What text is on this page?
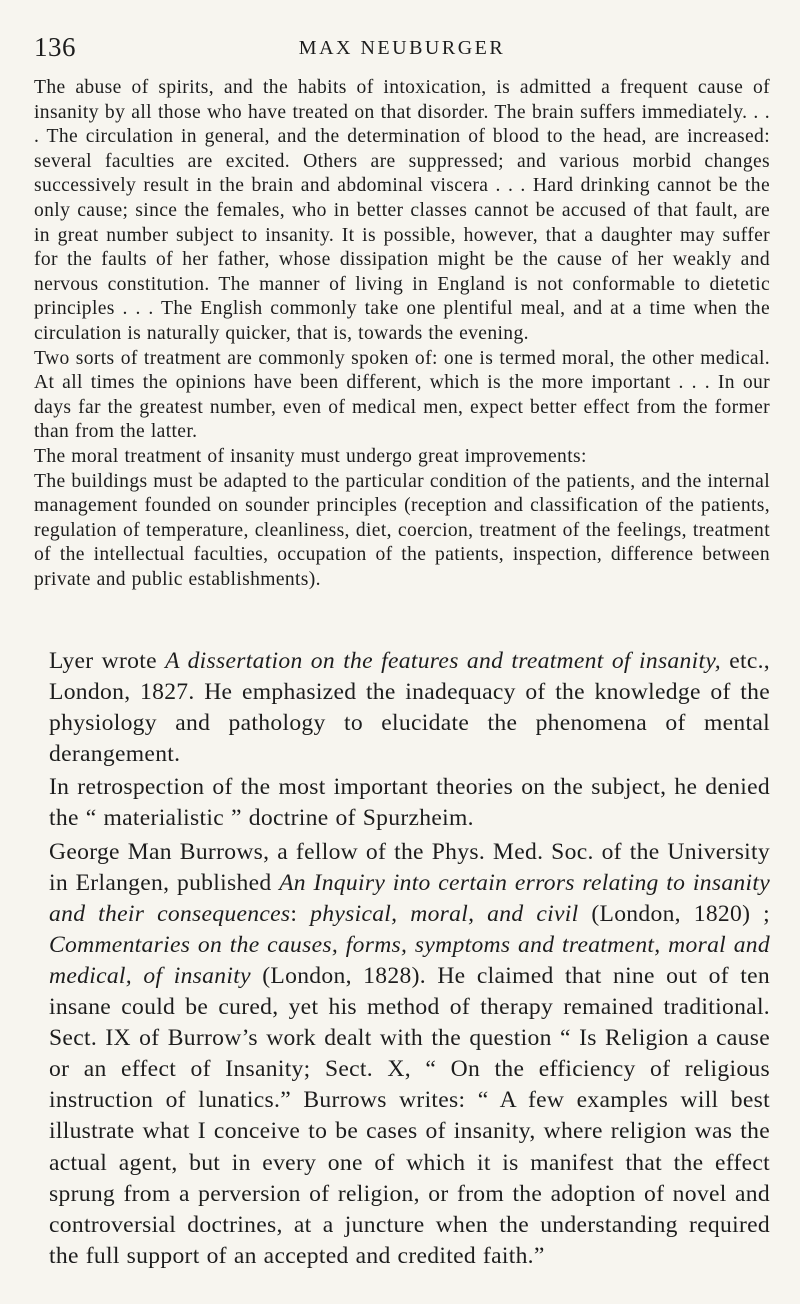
136	MAX NEUBURGER

The abuse of spirits, and the habits of intoxication, is admitted a frequent cause of insanity by all those who have treated on that disorder. The brain suffers immediately. . . . The circulation in general, and the determination of blood to the head, are increased: several faculties are excited. Others are suppressed; and various morbid changes successively result in the brain and abdominal viscera . . . Hard drinking cannot be the only cause; since the females, who in better classes cannot be accused of that fault, are in great number subject to insanity. It is possible, however, that a daughter may suffer for the faults of her father, whose dissipation might be the cause of her weakly and nervous constitution. The manner of living in England is not conformable to dietetic principles . . . The English commonly take one plentiful meal, and at a time when the circulation is naturally quicker, that is, towards the evening.

Two sorts of treatment are commonly spoken of: one is termed moral, the other medical. At all times the opinions have been different, which is the more important . . . In our days far the greatest number, even of medical men, expect better effect from the former than from the latter.

The moral treatment of insanity must undergo great improvements:

The buildings must be adapted to the particular condition of the patients, and the internal management founded on sounder principles (reception and classification of the patients, regulation of temperature, cleanliness, diet, coercion, treatment of the feelings, treatment of the intellectual faculties, occupation of the patients, inspection, difference between private and public establishments).

Lyer wrote A dissertation on the features and treatment of insanity, etc., London, 1827. He emphasized the inadequacy of the knowledge of the physiology and pathology to elucidate the phenomena of mental derangement.

In retrospection of the most important theories on the subject, he denied the “ materialistic ” doctrine of Spurzheim.

George Man Burrows, a fellow of the Phys. Med. Soc. of the University in Erlangen, published An Inquiry into certain errors relating to insanity and their consequences: physical, moral, and civil (London, 1820) ; Commentaries on the causes, forms, symptoms and treatment, moral and medical, of insanity (London, 1828). He claimed that nine out of ten insane could be cured, yet his method of therapy remained traditional. Sect. IX of Burrow’s work dealt with the question “ Is Religion a cause or an effect of Insanity; Sect. X, “ On the efficiency of religious instruction of lunatics.” Burrows writes: “ A few examples will best illustrate what I conceive to be cases of insanity, where religion was the actual agent, but in every one of which it is manifest that the effect sprung from a perversion of religion, or from the adoption of novel and controversial doctrines, at a juncture when the understanding required the full support of an accepted and credited faith.”
